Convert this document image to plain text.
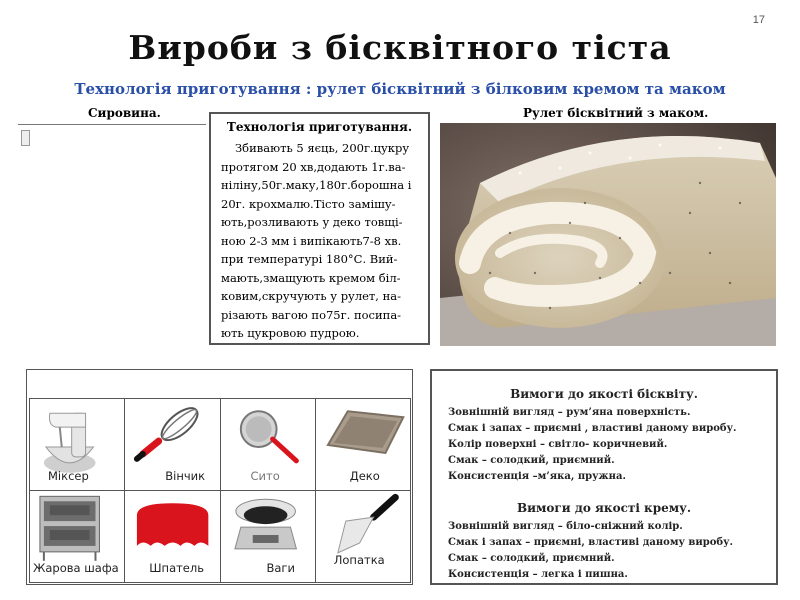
17
Вироби з бісквітного тіста
Технологія приготування : рулет бісквітний з білковим кремом та маком
Сировина.	Рулет бісквітний з маком.
Технологія приготування.
Збивають 5 яєць, 200г.цукру протягом 20 хв,додають 1г.ва-ніліну,50г.маку,180г.борошна і 20г. крохмалю.Тісто замішу-ють,розливають у деко товщі-ною 2-3 мм і випікають7-8 хв. при температурі 180°С. Вий-мають,змащують кремом біл-ковим,скручують у рулет, на-різають вагою по75г. посипа-ють цукровою пудрою.
Міксер	Вінчик	Сито	Деко

Жарова шафа	Шпатель	Ваги	Лопатка
Вимоги до якості бісквіту.
Зовнішній вигляд – рум’яна поверхність.
Смак і запах – приємні , властиві даному виробу.
Колір поверхні – світло- коричневий.
Смак – солодкий, приємний.
Консистенція –м’яка, пружна.
Вимоги до якості крему.
Зовнішній вигляд – біло-сніжний колір.
Смак і запах – приємні, властиві даному виробу.
Смак – солодкий, приємний.
Консистенція – легка і пишна.
